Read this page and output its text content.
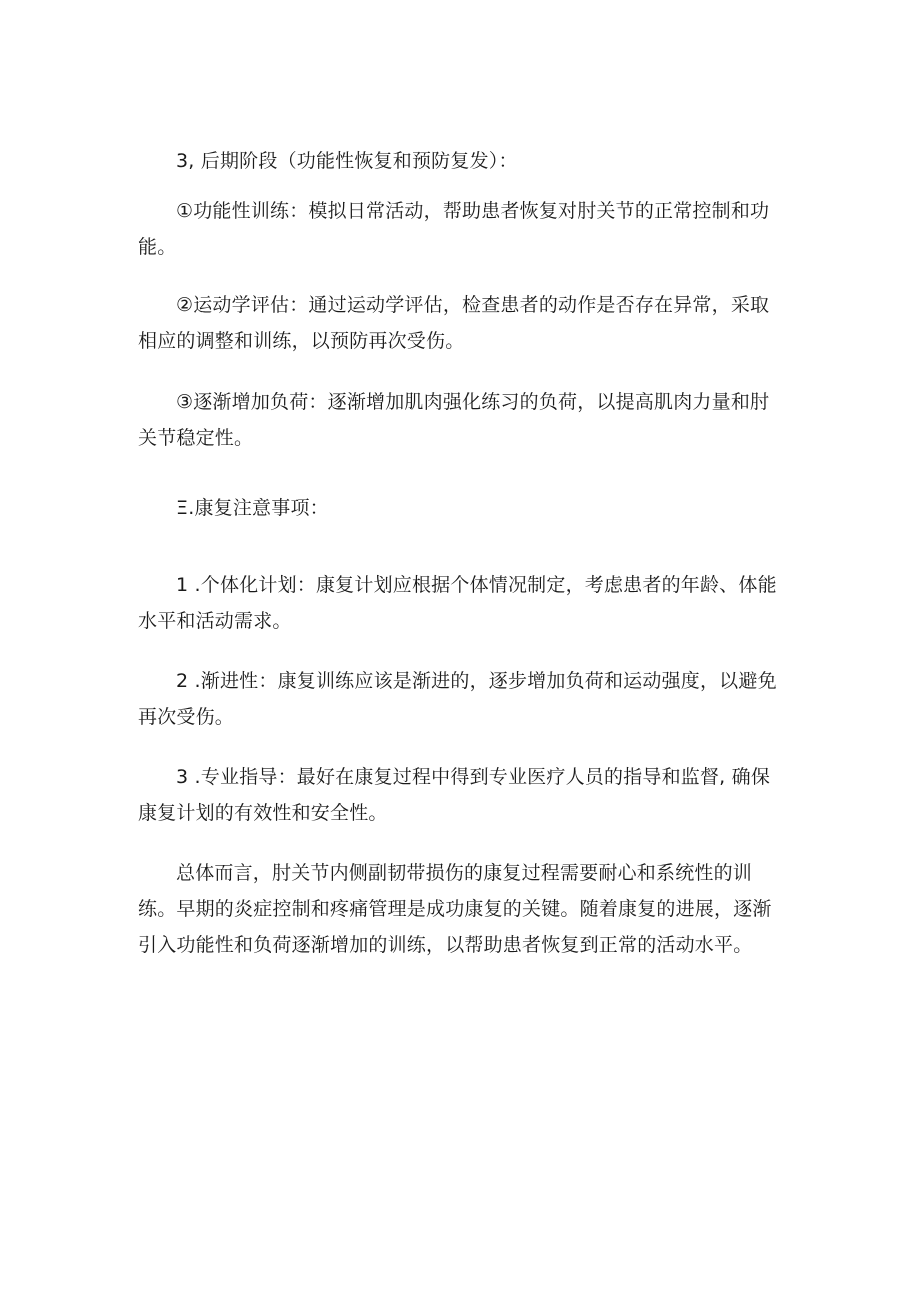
3, 后期阶段（功能性恢复和预防复发）：

①功能性训练：模拟日常活动，帮助患者恢复对肘关节的正常控制和功能。

②运动学评估：通过运动学评估，检查患者的动作是否存在异常，采取相应的调整和训练，以预防再次受伤。

③逐渐增加负荷：逐渐增加肌肉强化练习的负荷，以提高肌肉力量和肘关节稳定性。

Ξ.康复注意事项：

1 .个体化计划：康复计划应根据个体情况制定，考虑患者的年龄、体能水平和活动需求。

2 .渐进性：康复训练应该是渐进的，逐步增加负荷和运动强度，以避免再次受伤。

3 .专业指导：最好在康复过程中得到专业医疗人员的指导和监督, 确保康复计划的有效性和安全性。

总体而言，肘关节内侧副韧带损伤的康复过程需要耐心和系统性的训练。早期的炎症控制和疼痛管理是成功康复的关键。随着康复的进展，逐渐引入功能性和负荷逐渐增加的训练，以帮助患者恢复到正常的活动水平。
